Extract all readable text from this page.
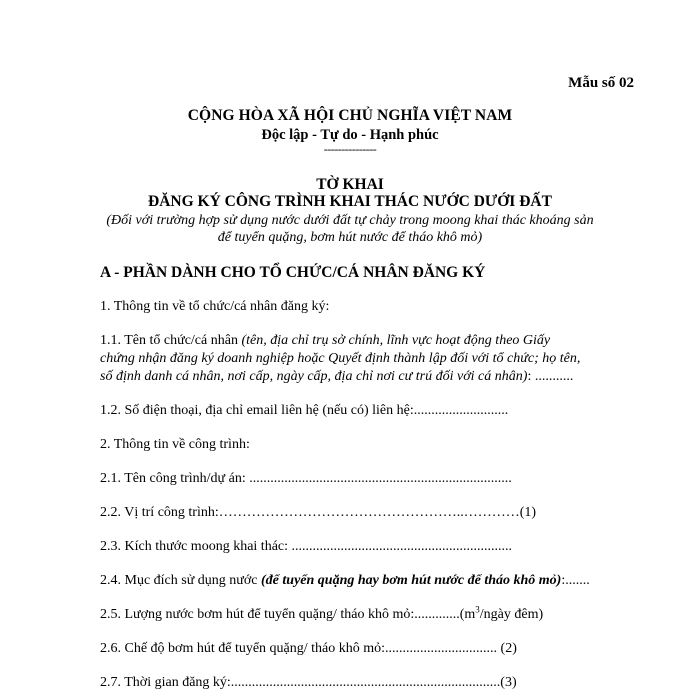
Mẫu số 02
CỘNG HÒA XÃ HỘI CHỦ NGHĨA VIỆT NAM
Độc lập - Tự do - Hạnh phúc
---------------
TỜ KHAI
ĐĂNG KÝ CÔNG TRÌNH KHAI THÁC NƯỚC DƯỚI ĐẤT
(Đối với trường hợp sử dụng nước dưới đất tự chảy trong moong khai thác khoáng sản
để tuyển quặng, bơm hút nước để tháo khô mỏ)
A - PHẦN DÀNH CHO TỔ CHỨC/CÁ NHÂN ĐĂNG KÝ
1. Thông tin về tổ chức/cá nhân đăng ký:
1.1. Tên tổ chức/cá nhân (tên, địa chỉ trụ sở chính, lĩnh vực hoạt động theo Giấy
chứng nhận đăng ký doanh nghiệp hoặc Quyết định thành lập đối với tổ chức; họ tên,
số định danh cá nhân, nơi cấp, ngày cấp, địa chỉ nơi cư trú đối với cá nhân): ...........
1.2. Số điện thoại, địa chỉ email liên hệ (nếu có) liên hệ:...........................
2. Thông tin về công trình:
2.1. Tên công trình/dự án: ...........................................................................
2.2. Vị trí công trình:……………………………………………..…………(1)
2.3. Kích thước moong khai thác: ...............................................................
2.4. Mục đích sử dụng nước (để tuyển quặng hay bơm hút nước để tháo khô mỏ):.......
2.5. Lượng nước bơm hút để tuyển quặng/ tháo khô $mỏ:.............(m^3$/ngày đêm)
2.6. Chế độ bơm hút để tuyển quặng/ tháo khô mỏ:................................ (2)
2.7. Thời gian đăng ký:.............................................................................(3)
